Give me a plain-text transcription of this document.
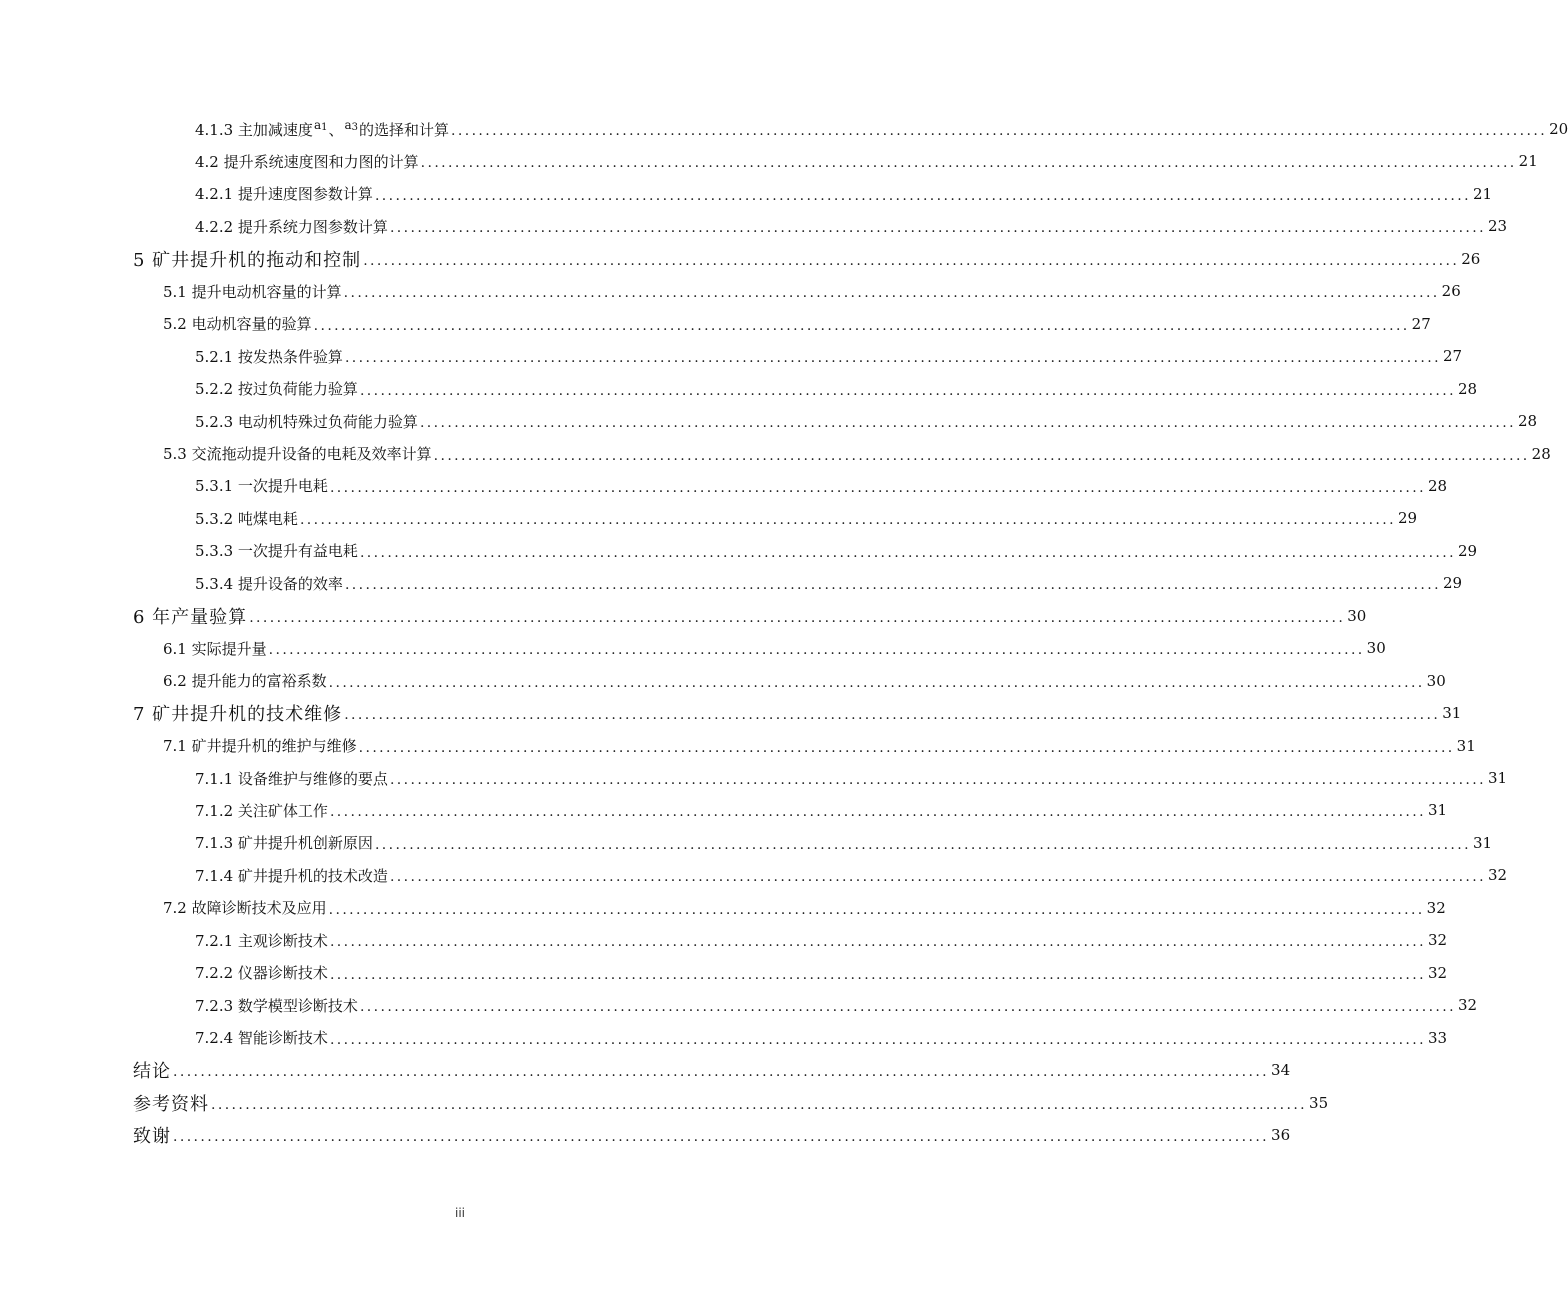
4.1.3 主加减速度$^{a1}$、$^{a3}$的选择和计算 ................................................................................................................................................................ 20
4.2 提升系统速度图和力图的计算 ................................................................................................................................................................ 21
4.2.1 提升速度图参数计算 ................................................................................................................................................................ 21
4.2.2 提升系统力图参数计算 ................................................................................................................................................................ 23
5 矿井提升机的拖动和控制 ................................................................................................................................................................ 26
5.1 提升电动机容量的计算 ................................................................................................................................................................ 26
5.2 电动机容量的验算 ................................................................................................................................................................ 27
5.2.1 按发热条件验算 ................................................................................................................................................................ 27
5.2.2 按过负荷能力验算 ................................................................................................................................................................ 28
5.2.3 电动机特殊过负荷能力验算 ................................................................................................................................................................ 28
5.3 交流拖动提升设备的电耗及效率计算 ................................................................................................................................................................ 28
5.3.1 一次提升电耗 ................................................................................................................................................................ 28
5.3.2 吨煤电耗 ................................................................................................................................................................ 29
5.3.3 一次提升有益电耗 ................................................................................................................................................................ 29
5.3.4 提升设备的效率 ................................................................................................................................................................ 29
6 年产量验算 ................................................................................................................................................................ 30
6.1 实际提升量 ................................................................................................................................................................ 30
6.2 提升能力的富裕系数 ................................................................................................................................................................ 30
7 矿井提升机的技术维修 ................................................................................................................................................................ 31
7.1 矿井提升机的维护与维修 ................................................................................................................................................................ 31
7.1.1 设备维护与维修的要点 ................................................................................................................................................................ 31
7.1.2 关注矿体工作 ................................................................................................................................................................ 31
7.1.3 矿井提升机创新原因 ................................................................................................................................................................ 31
7.1.4 矿井提升机的技术改造 ................................................................................................................................................................ 32
7.2 故障诊断技术及应用 ................................................................................................................................................................ 32
7.2.1 主观诊断技术 ................................................................................................................................................................ 32
7.2.2 仪器诊断技术 ................................................................................................................................................................ 32
7.2.3 数学模型诊断技术 ................................................................................................................................................................ 32
7.2.4 智能诊断技术 ................................................................................................................................................................ 33
结论 ................................................................................................................................................................ 34
参考资料 ................................................................................................................................................................ 35
致谢 ................................................................................................................................................................ 36
iii
